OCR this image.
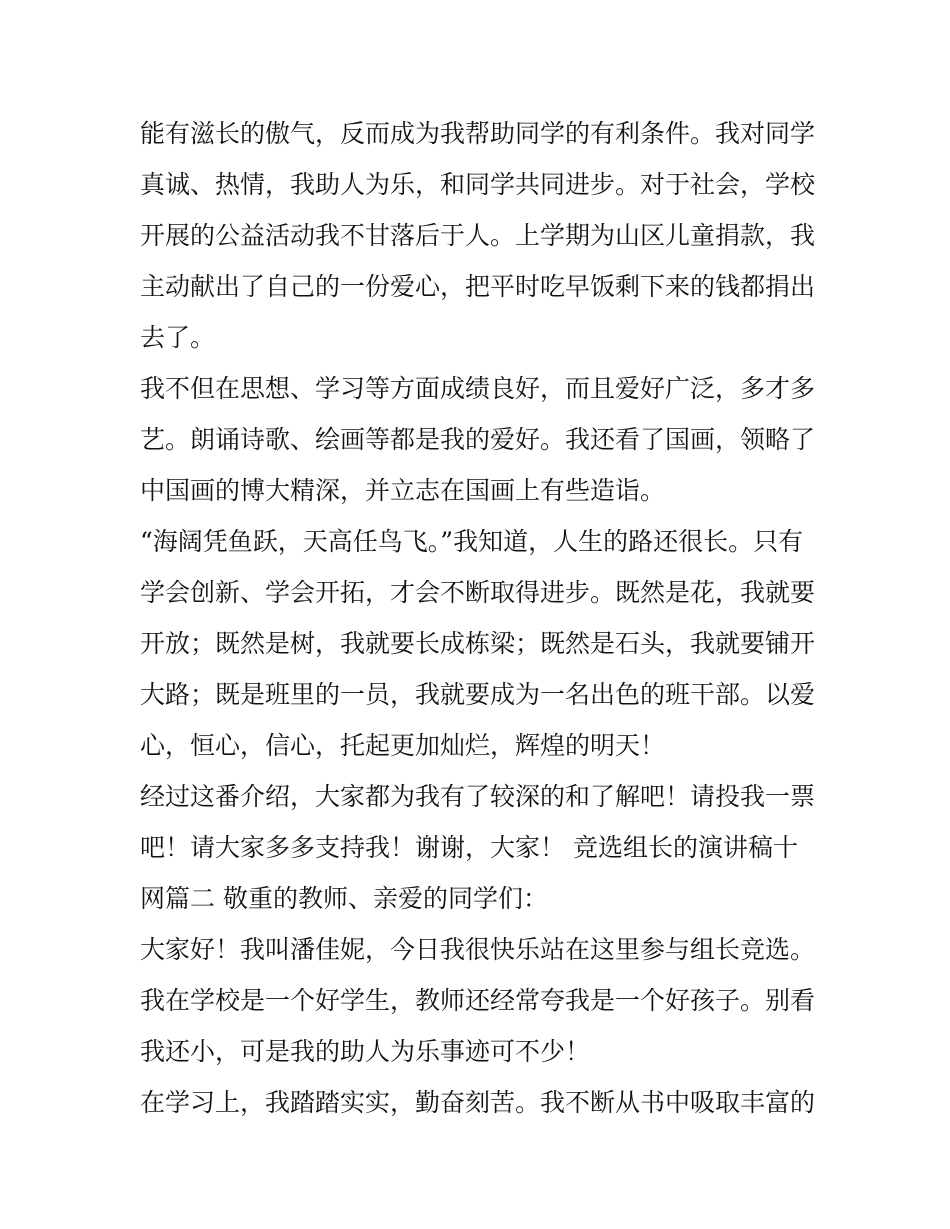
能有滋长的傲气，反而成为我帮助同学的有利条件。我对同学
真诚、热情，我助人为乐，和同学共同进步。对于社会，学校
开展的公益活动我不甘落后于人。上学期为山区儿童捐款，我
主动献出了自己的一份爱心，把平时吃早饭剩下来的钱都捐出
去了。
我不但在思想、学习等方面成绩良好，而且爱好广泛，多才多
艺。朗诵诗歌、绘画等都是我的爱好。我还看了国画，领略了
中国画的博大精深，并立志在国画上有些造诣。
“海阔凭鱼跃，天高任鸟飞。”我知道，人生的路还很长。只有
学会创新、学会开拓，才会不断取得进步。既然是花，我就要
开放；既然是树，我就要长成栋梁；既然是石头，我就要铺开
大路；既是班里的一员，我就要成为一名出色的班干部。以爱
心，恒心，信心，托起更加灿烂，辉煌的明天！
经过这番介绍，大家都为我有了较深的和了解吧！请投我一票
吧！请大家多多支持我！谢谢，大家！ 竞选组长的演讲稿十
网篇二 敬重的教师、亲爱的同学们：
大家好！我叫潘佳妮，今日我很快乐站在这里参与组长竞选。
我在学校是一个好学生，教师还经常夸我是一个好孩子。别看
我还小，可是我的助人为乐事迹可不少！
在学习上，我踏踏实实，勤奋刻苦。我不断从书中吸取丰富的
